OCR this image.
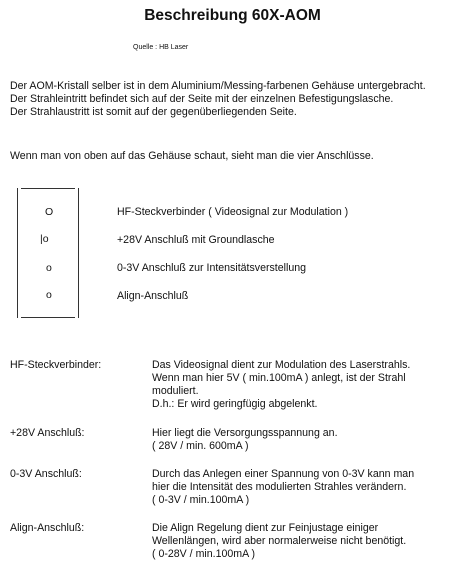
Beschreibung 60X-AOM
Quelle : HB Laser

Der AOM-Kristall selber ist in dem Aluminium/Messing-farbenen Gehäuse untergebracht.

Der Strahleintritt befindet sich auf der Seite mit der einzelnen Befestigungslasche.

Der Strahlaustritt ist somit auf der gegenüberliegenden Seite.

Wenn man von oben auf das Gehäuse schaut, sieht man die vier Anschlüsse.
O
|o
o
o
HF-Steckverbinder ( Videosignal zur Modulation )
+28V Anschluß mit Groundlasche
0-3V Anschluß zur Intensitätsverstellung
Align-Anschluß
HF-Steckverbinder:	Das Videosignal dient zur Modulation des Laserstrahls.
Wenn man hier 5V ( min.100mA ) anlegt, ist der Strahl
moduliert.
D.h.: Er wird geringfügig abgelenkt.
+28V Anschluß:	Hier liegt die Versorgungsspannung an.
( 28V / min. 600mA )
0-3V Anschluß:	Durch das Anlegen einer Spannung von 0-3V kann man
hier die Intensität des modulierten Strahles verändern.
( 0-3V / min.100mA )
Align-Anschluß:	Die Align Regelung dient zur Feinjustage einiger
Wellenlängen, wird aber normalerweise nicht benötigt.
( 0-28V / min.100mA )
